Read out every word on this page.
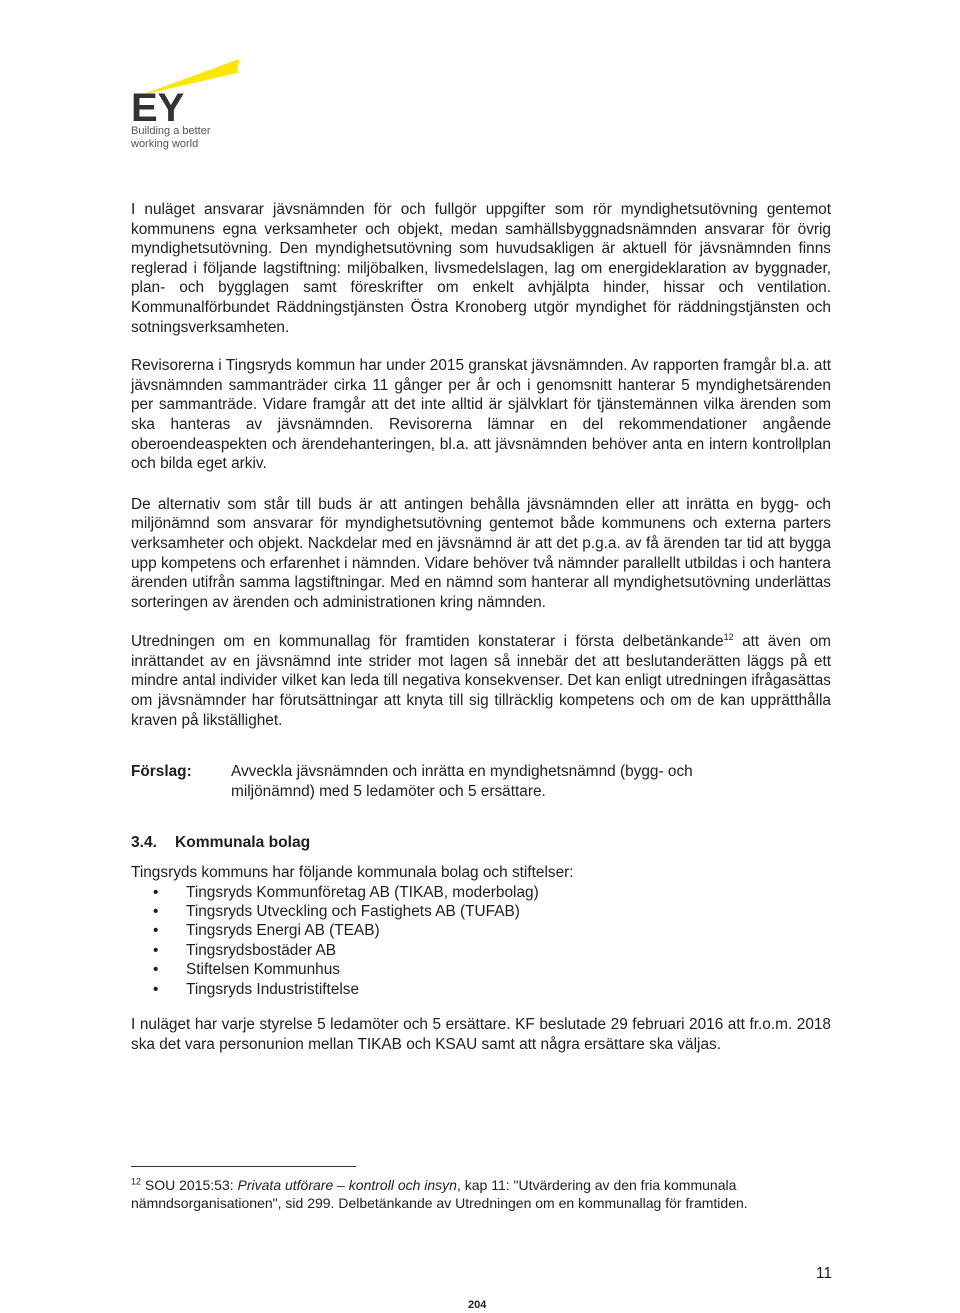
EY
Building a better
working world

I nuläget ansvarar jävsnämnden för och fullgör uppgifter som rör myndighetsutövning gentemot kommunens egna verksamheter och objekt, medan samhällsbyggnadsnämnden ansvarar för övrig myndighetsutövning. Den myndighetsutövning som huvudsakligen är aktuell för jävsnämnden finns reglerad i följande lagstiftning: miljöbalken, livsmedelslagen, lag om energideklaration av byggnader, plan- och bygglagen samt föreskrifter om enkelt avhjälpta hinder, hissar och ventilation. Kommunalförbundet Räddningstjänsten Östra Kronoberg utgör myndighet för räddningstjänsten och sotningsverksamheten.

Revisorerna i Tingsryds kommun har under 2015 granskat jävsnämnden. Av rapporten framgår bl.a. att jävsnämnden sammanträder cirka 11 gånger per år och i genomsnitt hanterar 5 myndighetsärenden per sammanträde. Vidare framgår att det inte alltid är självklart för tjänstemännen vilka ärenden som ska hanteras av jävsnämnden. Revisorerna lämnar en del rekommendationer angående oberoendeaspekten och ärendehanteringen, bl.a. att jävsnämnden behöver anta en intern kontrollplan och bilda eget arkiv.

De alternativ som står till buds är att antingen behålla jävsnämnden eller att inrätta en bygg- och miljönämnd som ansvarar för myndighetsutövning gentemot både kommunens och externa parters verksamheter och objekt. Nackdelar med en jävsnämnd är att det p.g.a. av få ärenden tar tid att bygga upp kompetens och erfarenhet i nämnden. Vidare behöver två nämnder parallellt utbildas i och hantera ärenden utifrån samma lagstiftningar. Med en nämnd som hanterar all myndighetsutövning underlättas sorteringen av ärenden och administrationen kring nämnden.

Utredningen om en kommunallag för framtiden konstaterar i första delbetänkande$^{12}$ att även om inrättandet av en jävsnämnd inte strider mot lagen så innebär det att beslutanderätten läggs på ett mindre antal individer vilket kan leda till negativa konsekvenser. Det kan enligt utredningen ifrågasättas om jävsnämnder har förutsättningar att knyta till sig tillräcklig kompetens och om de kan upprätthålla kraven på likställighet.

Förslag:	Avveckla jävsnämnden och inrätta en myndighetsnämnd (bygg- och miljönämnd) med 5 ledamöter och 5 ersättare.
3.4. Kommunala bolag

Tingsryds kommuns har följande kommunala bolag och stiftelser:

• Tingsryds Kommunföretag AB (TIKAB, moderbolag)
• Tingsryds Utveckling och Fastighets AB (TUFAB)
• Tingsryds Energi AB (TEAB)
• Tingsrydsbostäder AB
• Stiftelsen Kommunhus
• Tingsryds Industristiftelse

I nuläget har varje styrelse 5 ledamöter och 5 ersättare. KF beslutade 29 februari 2016 att fr.o.m. 2018 ska det vara personunion mellan TIKAB och KSAU samt att några ersättare ska väljas.

$^{12}$ SOU 2015:53: Privata utförare – kontroll och insyn, kap 11: "Utvärdering av den fria kommunala nämndsorganisationen", sid 299. Delbetänkande av Utredningen om en kommunallag för framtiden.
11
204
